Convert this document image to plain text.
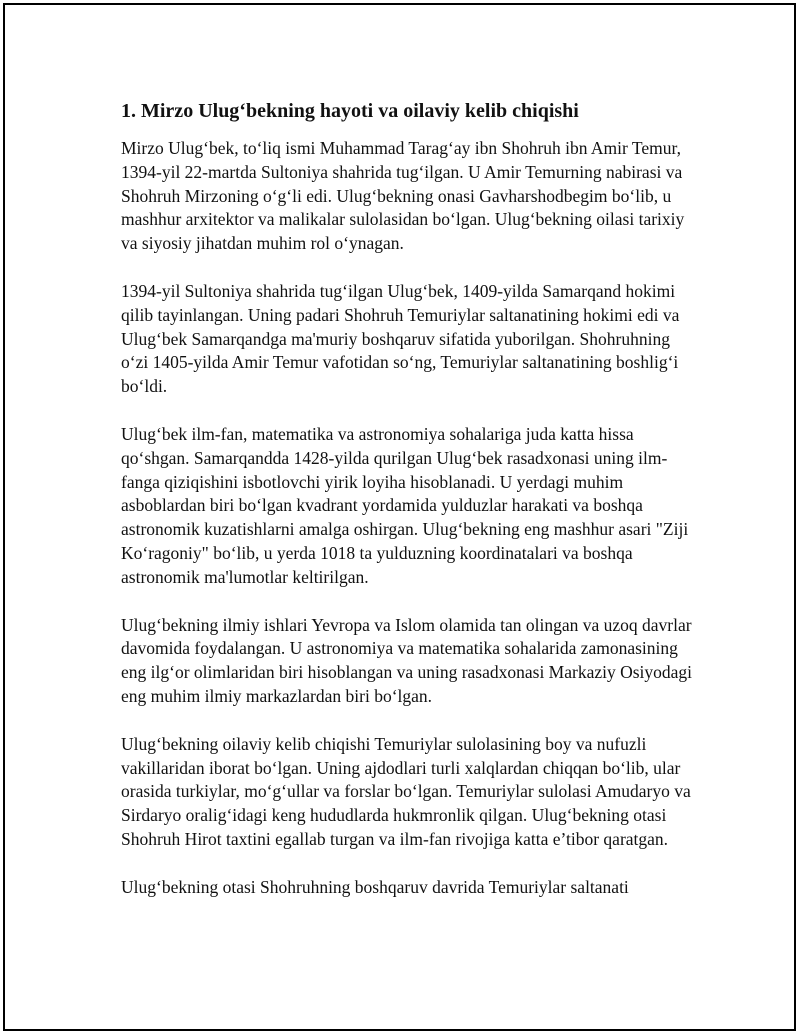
1. Mirzo Ulug‘bekning hayoti va oilaviy kelib chiqishi

Mirzo Ulug‘bek, to‘liq ismi Muhammad Tarag‘ay ibn Shohruh ibn Amir Temur, 1394-yil 22-martda Sultoniya shahrida tug‘ilgan. U Amir Temurning nabirasi va Shohruh Mirzoning o‘g‘li edi. Ulug‘bekning onasi Gavharshodbegim bo‘lib, u mashhur arxitektor va malikalar sulolasidan bo‘lgan. Ulug‘bekning oilasi tarixiy va siyosiy jihatdan muhim rol o‘ynagan.

1394-yil Sultoniya shahrida tug‘ilgan Ulug‘bek, 1409-yilda Samarqand hokimi qilib tayinlangan. Uning padari Shohruh Temuriylar saltanatining hokimi edi va Ulug‘bek Samarqandga ma'muriy boshqaruv sifatida yuborilgan. Shohruhning o‘zi 1405-yilda Amir Temur vafotidan so‘ng, Temuriylar saltanatining boshlig‘i bo‘ldi.

Ulug‘bek ilm-fan, matematika va astronomiya sohalariga juda katta hissa qo‘shgan. Samarqandda 1428-yilda qurilgan Ulug‘bek rasadxonasi uning ilm-fanga qiziqishini isbotlovchi yirik loyiha hisoblanadi. U yerdagi muhim asboblardan biri bo‘lgan kvadrant yordamida yulduzlar harakati va boshqa astronomik kuzatishlarni amalga oshirgan. Ulug‘bekning eng mashhur asari "Ziji Ko‘ragoniy" bo‘lib, u yerda 1018 ta yulduzning koordinatalari va boshqa astronomik ma'lumotlar keltirilgan.

Ulug‘bekning ilmiy ishlari Yevropa va Islom olamida tan olingan va uzoq davrlar davomida foydalangan. U astronomiya va matematika sohalarida zamonasining eng ilg‘or olimlaridan biri hisoblangan va uning rasadxonasi Markaziy Osiyodagi eng muhim ilmiy markazlardan biri bo‘lgan.

Ulug‘bekning oilaviy kelib chiqishi Temuriylar sulolasining boy va nufuzli vakillaridan iborat bo‘lgan. Uning ajdodlari turli xalqlardan chiqqan bo‘lib, ular orasida turkiylar, mo‘g‘ullar va forslar bo‘lgan. Temuriylar sulolasi Amudaryo va Sirdaryo oralig‘idagi keng hududlarda hukmronlik qilgan. Ulug‘bekning otasi Shohruh Hirot taxtini egallab turgan va ilm-fan rivojiga katta e’tibor qaratgan.

Ulug‘bekning otasi Shohruhning boshqaruv davrida Temuriylar saltanati
